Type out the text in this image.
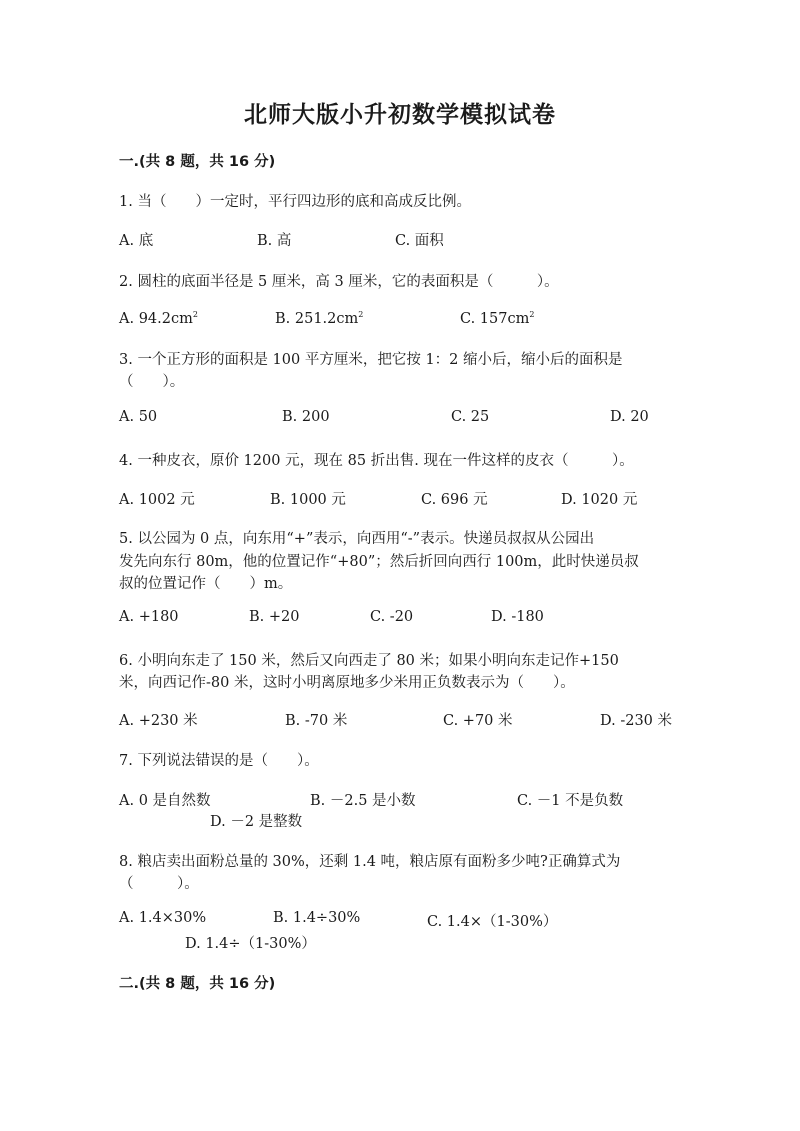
北师大版小升初数学模拟试卷
一.(共 8 题，共 16 分)
1. 当（　　）一定时，平行四边形的底和高成反比例。
A. 底	B. 高	C. 面积
2. 圆柱的底面半径是 5 厘米，高 3 厘米，它的表面积是（　　　）。
A. $94.2cm^2$	B. $251.2cm^2$	C. $157cm^2$
3. 一个正方形的面积是 100 平方厘米，把它按 1：2 缩小后，缩小后的面积是
（　　）。
A. 50	B. 200	C. 25	D. 20
4. 一种皮衣，原价 1200 元，现在 85 折出售. 现在一件这样的皮衣（　　　）。
A. 1002 元	B. 1000 元	C. 696 元	D. 1020 元
5. 以公园为 0 点，向东用“+”表示，向西用“-”表示。快递员叔叔从公园出
发先向东行 80m，他的位置记作“+80”；然后折回向西行 100m，此时快递员叔
叔的位置记作（　　）m。
A. +180	B. +20	C. -20	D. -180
6. 小明向东走了 150 米，然后又向西走了 80 米；如果小明向东走记作+150
米，向西记作-80 米，这时小明离原地多少米用正负数表示为（　　）。
A. +230 米	B. -70 米	C. +70 米	D. -230 米
7. 下列说法错误的是（　　）。
A. 0 是自然数	B. －2.5 是小数	C. －1 不是负数
D. －2 是整数
8. 粮店卖出面粉总量的 30%，还剩 1.4 吨，粮店原有面粉多少吨?正确算式为
（　　　）。
A. 1.4×30%	B. 1.4÷30%	C. 1.4×（1-30%）
D. 1.4÷（1-30%）
二.(共 8 题，共 16 分)
